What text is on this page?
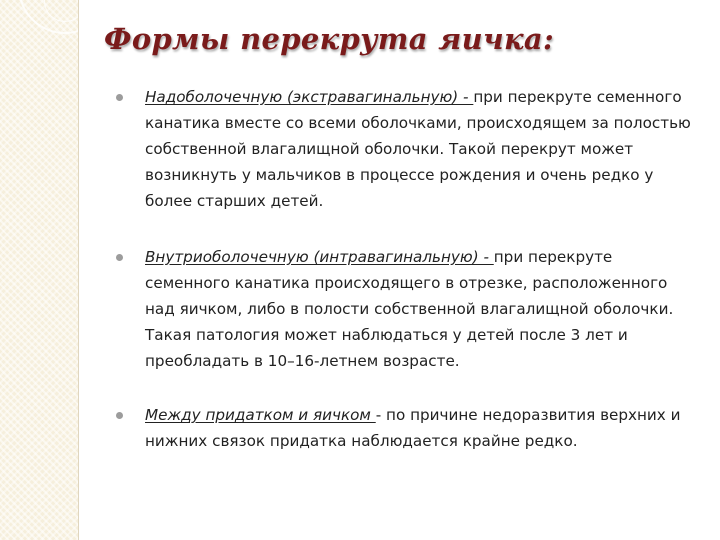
Формы перекрута яичка:
Надоболочечную (экстравагинальную) - при перекруте семенного канатика вместе со всеми оболочками, происходящем за полостью собственной влагалищной оболочки. Такой перекрут может возникнуть у мальчиков в процессе рождения и очень редко у более старших детей.
Внутриоболочечную (интравагинальную) - при перекруте семенного канатика происходящего в отрезке, расположенного над яичком, либо в полости собственной влагалищной оболочки. Такая патология может наблюдаться у детей после 3 лет и преобладать в 10–16-летнем возрасте.
Между придатком и яичком - по причине недоразвития верхних и нижних связок придатка наблюдается крайне редко.
